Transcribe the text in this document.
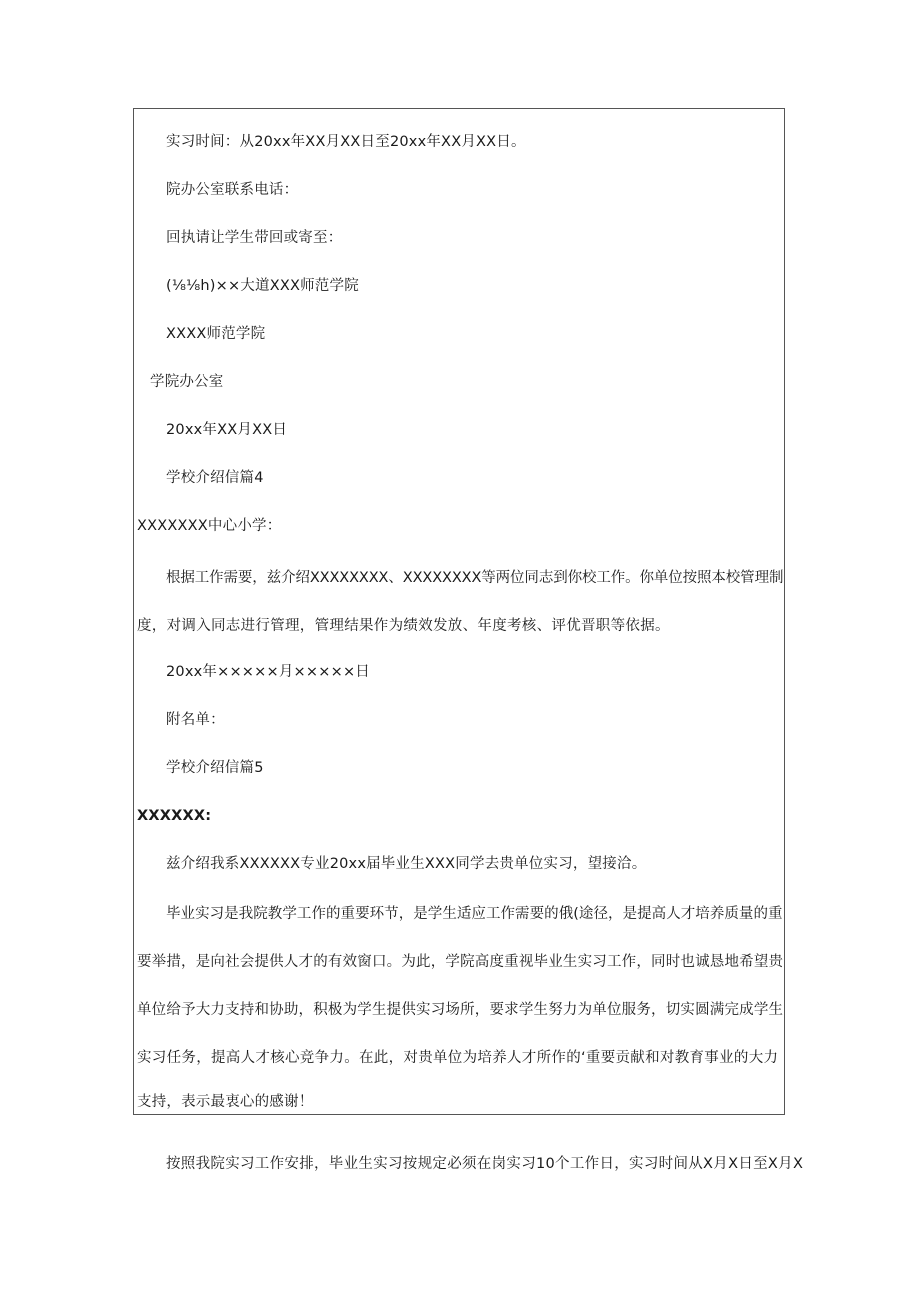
实习时间：从20xx年XX月XX日至20xx年XX月XX日。
院办公室联系电话：
回执请让学生带回或寄至：
(⅛⅛h)××大道XXX师范学院
XXXX师范学院
学院办公室
20xx年XX月XX日
学校介绍信篇4
XXXXXXX中心小学：
根据工作需要，兹介绍XXXXXXXX、XXXXXXXX等两位同志到你校工作。你单位按照本校管理制
度，对调入同志进行管理，管理结果作为绩效发放、年度考核、评优晋职等依据。
20xx年×××××月×××××日
附名单：
学校介绍信篇5
XXXXXX:
兹介绍我系XXXXXX专业20xx届毕业生XXX同学去贵单位实习，望接洽。
毕业实习是我院教学工作的重要环节，是学生适应工作需要的俄(途径，是提高人才培养质量的重
要举措，是向社会提供人才的有效窗口。为此，学院高度重视毕业生实习工作，同时也诚恳地希望贵
单位给予大力支持和协助，积极为学生提供实习场所，要求学生努力为单位服务，切实圆满完成学生
实习任务，提高人才核心竞争力。在此，对贵单位为培养人才所作的‘重要贡献和对教育事业的大力
支持，表示最衷心的感谢！
按照我院实习工作安排，毕业生实习按规定必须在岗实习10个工作日，实习时间从X月X日至X月X
